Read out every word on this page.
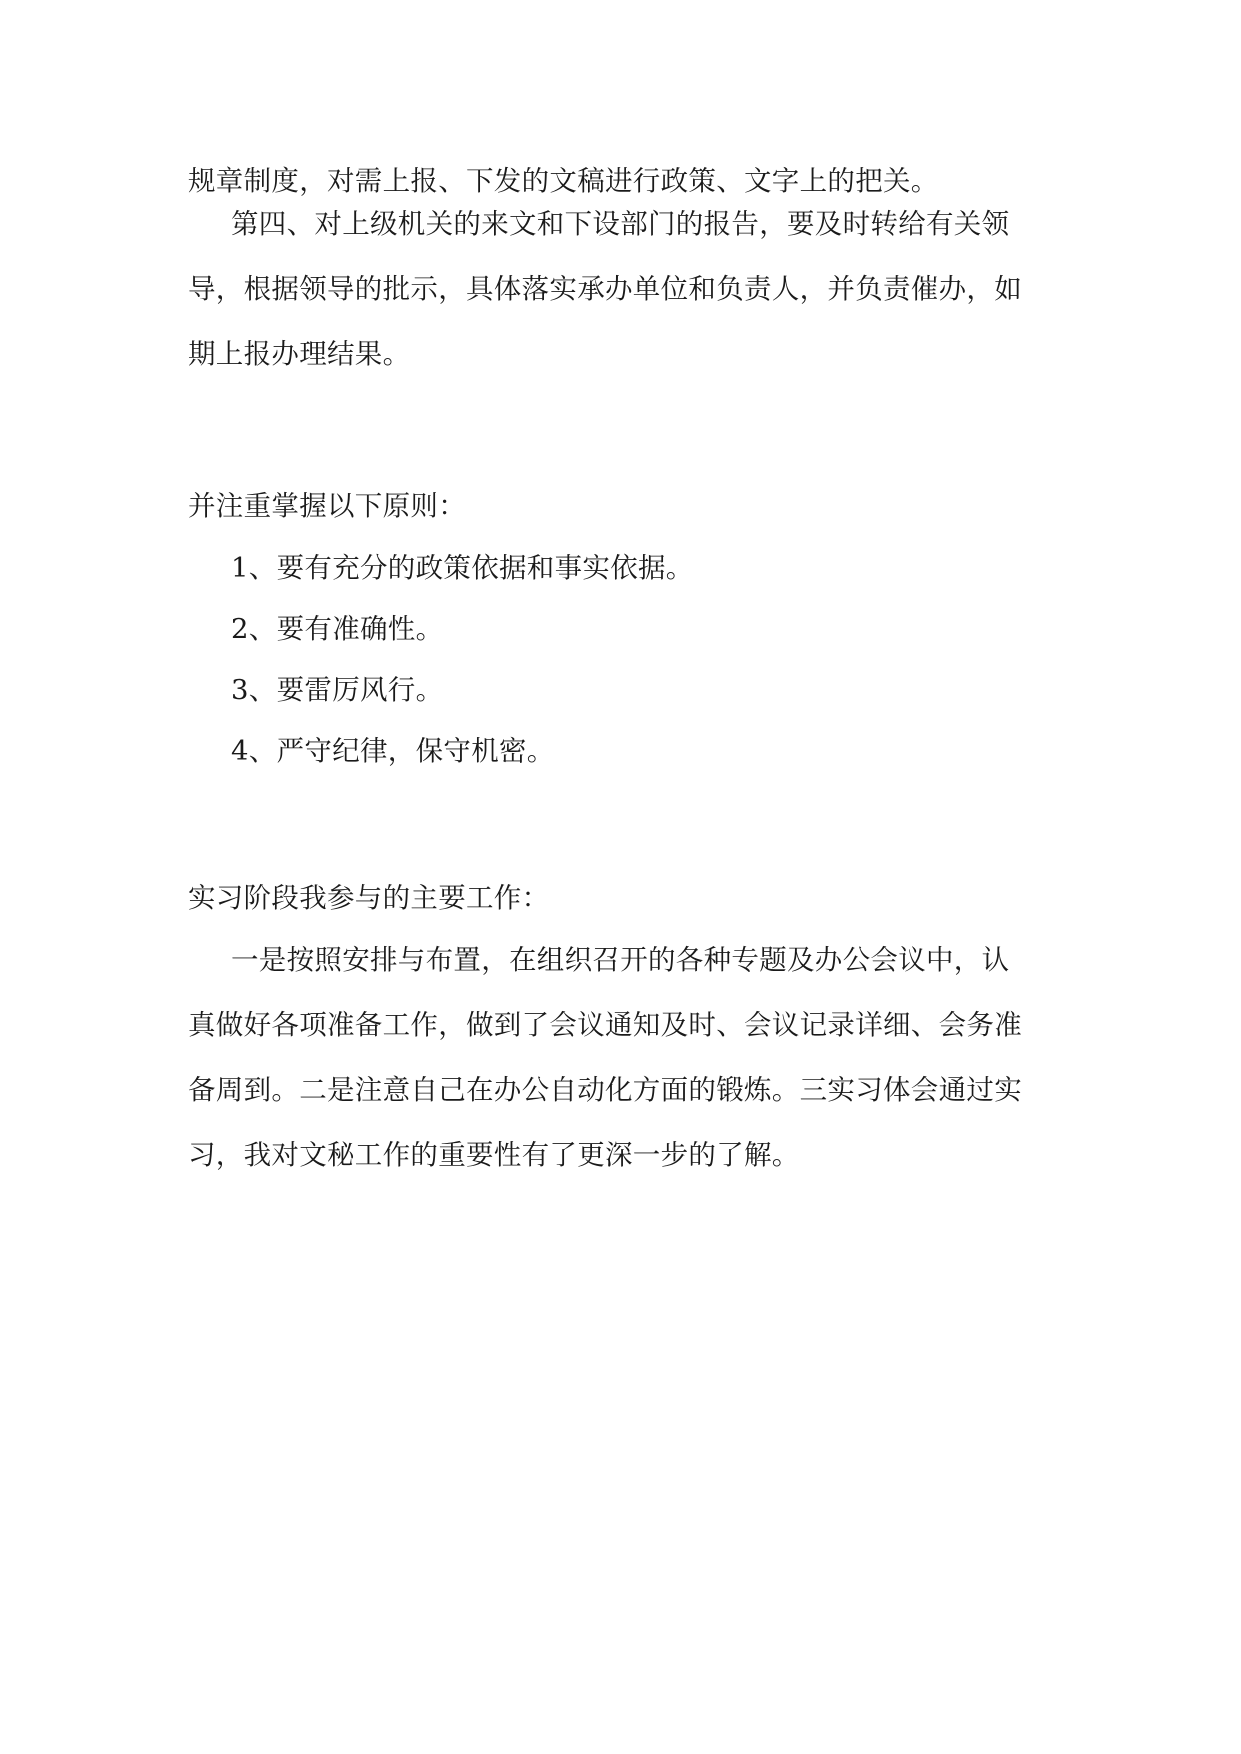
规章制度，对需上报、下发的文稿进行政策、文字上的把关。
第四、对上级机关的来文和下设部门的报告，要及时转给有关领
导，根据领导的批示，具体落实承办单位和负责人，并负责催办，如
期上报办理结果。
并注重掌握以下原则：
1、要有充分的政策依据和事实依据。
2、要有准确性。
3、要雷厉风行。
4、严守纪律，保守机密。
实习阶段我参与的主要工作：
一是按照安排与布置，在组织召开的各种专题及办公会议中，认
真做好各项准备工作，做到了会议通知及时、会议记录详细、会务准
备周到。二是注意自己在办公自动化方面的锻炼。三实习体会通过实
习，我对文秘工作的重要性有了更深一步的了解。
